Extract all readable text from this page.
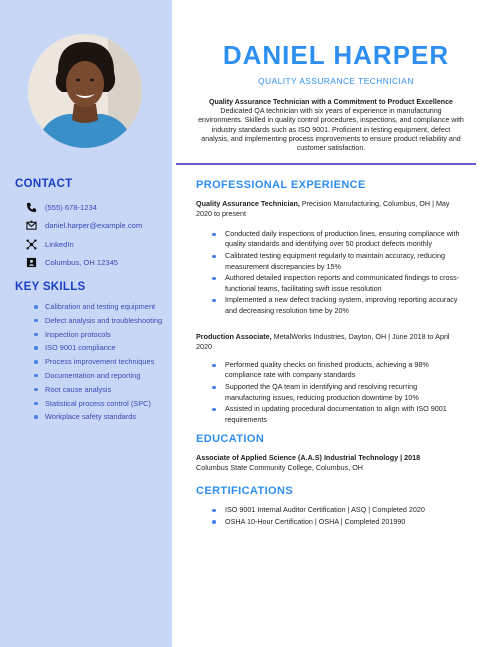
CONTACT
(555) 678-1234
daniel.harper@example.com
LinkedIn
Columbus, OH 12345
KEY SKILLS
Calibration and testing equipment
Defect analysis and troubleshooting
Inspection protocols
ISO 9001 compliance
Process improvement techniques
Documentation and reporting
Root cause analysis
Statistical process control (SPC)
Workplace safety standards
DANIEL HARPER
QUALITY ASSURANCE TECHNICIAN
Quality Assurance Technician with a Commitment to Product Excellence
Dedicated QA technician with six years of experience in manufacturing environments. Skilled in quality control procedures, inspections, and compliance with industry standards such as ISO 9001. Proficient in testing equipment, defect analysis, and implementing process improvements to ensure product reliability and customer satisfaction.
PROFESSIONAL EXPERIENCE
Quality Assurance Technician, Precision Manufacturing, Columbus, OH | May 2020 to present
Conducted daily inspections of production lines, ensuring compliance with quality standards and identifying over 50 product defects monthly
Calibrated testing equipment regularly to maintain accuracy, reducing measurement discrepancies by 15%
Authored detailed inspection reports and communicated findings to cross-functional teams, facilitating swift issue resolution
Implemented a new defect tracking system, improving reporting accuracy and decreasing resolution time by 20%
Production Associate, MetalWorks Industries, Dayton, OH | June 2018 to April 2020
Performed quality checks on finished products, achieving a 98% compliance rate with company standards
Supported the QA team in identifying and resolving recurring manufacturing issues, reducing production downtime by 10%
Assisted in updating procedural documentation to align with ISO 9001 requirements
EDUCATION
Associate of Applied Science (A.A.S) Industrial Technology | 2018
Columbus State Community College, Columbus, OH
CERTIFICATIONS
ISO 9001 Internal Auditor Certification | ASQ | Completed 2020
OSHA 10-Hour Certification | OSHA | Completed 201990
